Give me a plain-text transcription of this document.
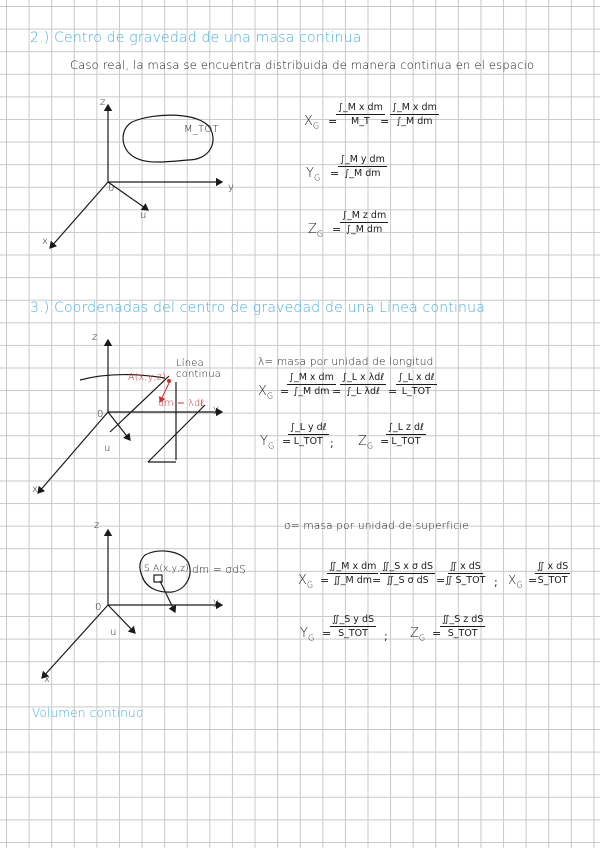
2.) Centro de gravedad de una masa continua
Caso real, la masa se encuentra distribuida de manera continua en el espacio
z
y
x
0
u
M_TOT
$X_G$ =
$\frac{\text{∫\_M x dm}}{M\_T}$
= $\frac{\text{∫\_M x dm}}{\text{∫\_M dm}}$
$Y_G$ =
$\frac{\text{∫\_M y dm}}{\text{∫\_M dm}}$
$Z_G$ =
$\frac{\text{∫\_M z dm}}{\text{∫\_M dm}}$
3.) Coordenadas del centro de gravedad de una Línea continua
z
y
x
0
u
A(x,y,z)
Línea
continua
dm = λdℓ
λ= masa por unidad de longitud
$X_G$ =
$\frac{\text{∫\_M x dm}}{\text{∫\_M dm}}$
=
∫_L x λdℓ
∫_L λdℓ =
∫_L x dℓ
L_TOT
$Y_G$ =
∫_L y dℓ
L_TOT ; $Z_G$ =
∫_L z dℓ
L_TOT
z
y
x
0
u
S A(x,y,z) dm = σdS
σ= masa por unidad de superficie
$X_G$ =
$\frac{\text{∬\_M x dm}}{\text{∬\_M dm}}$
=
$\frac{\text{∬\_S x σ dS}}{\text{∬\_S σ dS}}$ =
∬ x dS
∬ S_TOT ; $X_G$ =
∬ x dS
S_TOT
$Y_G$ =
∬_S y dS
S_TOT ; $Z_G$ =
∬_S z dS
S_TOT
Volumen continuo
